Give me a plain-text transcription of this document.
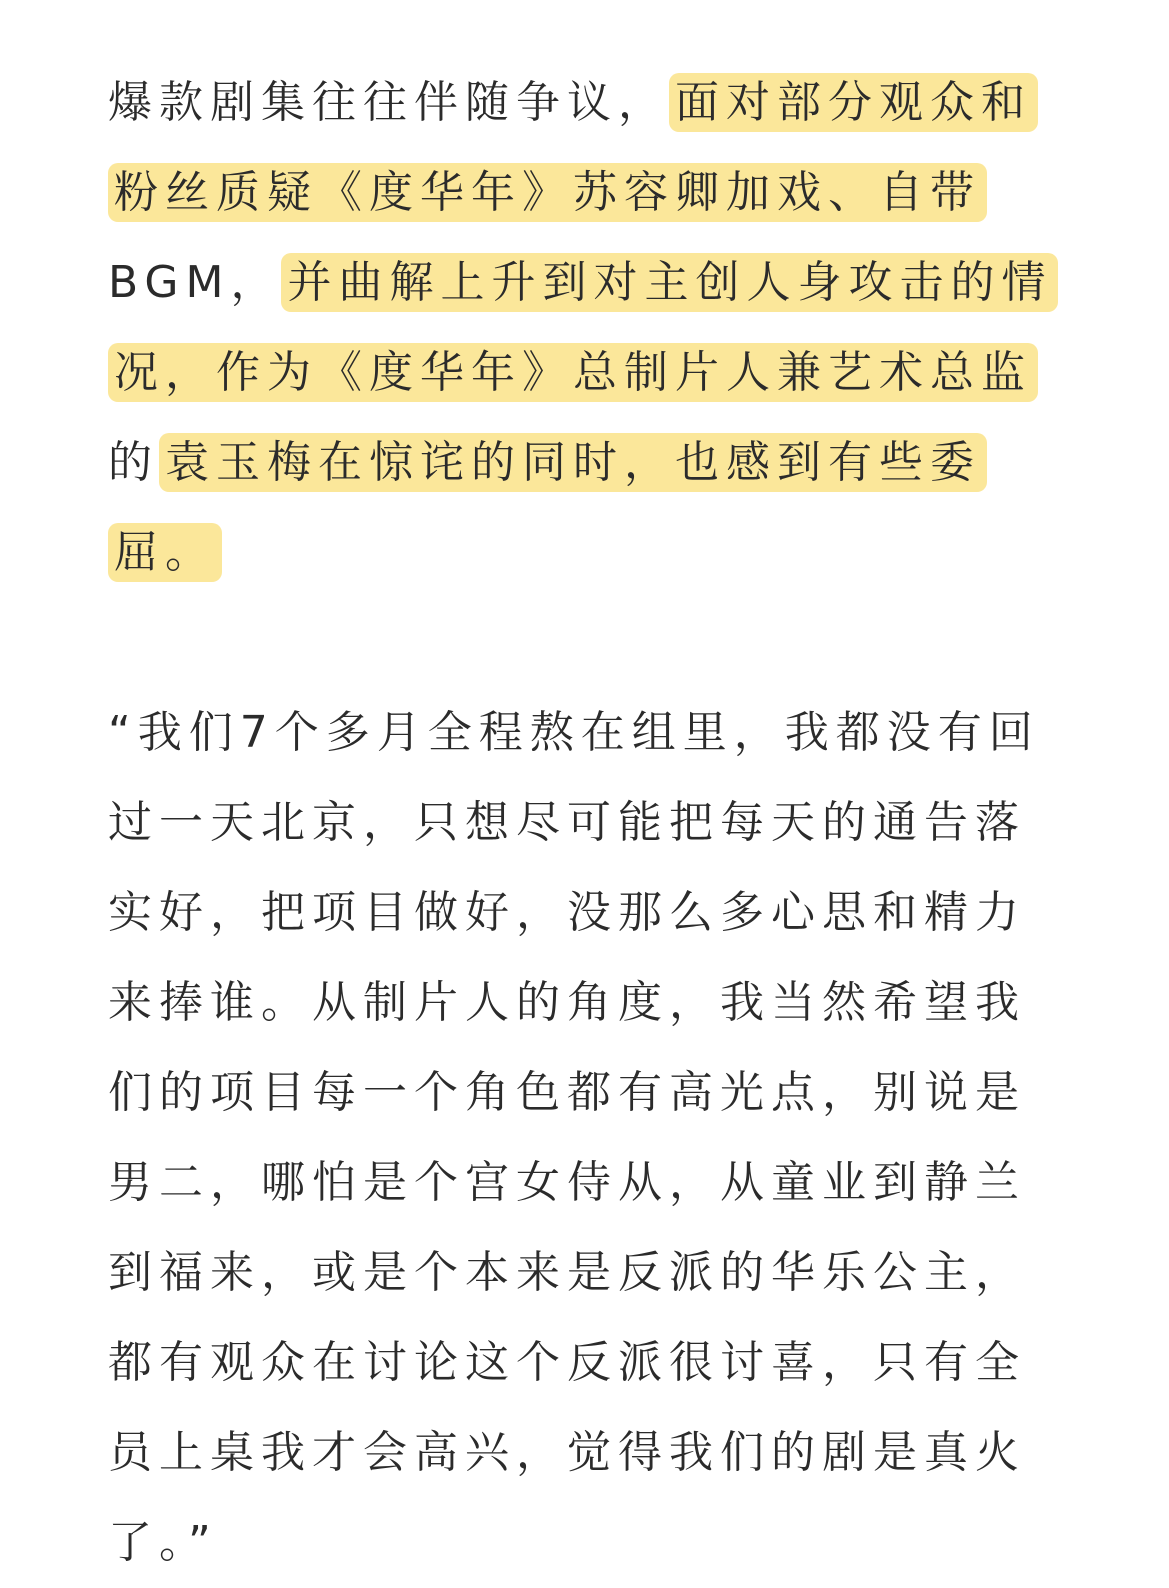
爆款剧集往往伴随争议， 面对部分观众和
粉丝质疑《度华年》苏容卿加戏、自带
BGM， 并曲解上升到对主创人身攻击的情
况，作为《度华年》总制片人兼艺术总监
的 袁玉梅在惊诧的同时，也感到有些委
屈。
“我们7个多月全程熬在组里，我都没有回
过一天北京，只想尽可能把每天的通告落
实好，把项目做好，没那么多心思和精力
来捧谁。从制片人的角度，我当然希望我
们的项目每一个角色都有高光点，别说是
男二，哪怕是个宫女侍从，从童业到静兰
到福来，或是个本来是反派的华乐公主，
都有观众在讨论这个反派很讨喜，只有全
员上桌我才会高兴，觉得我们的剧是真火
了。”
